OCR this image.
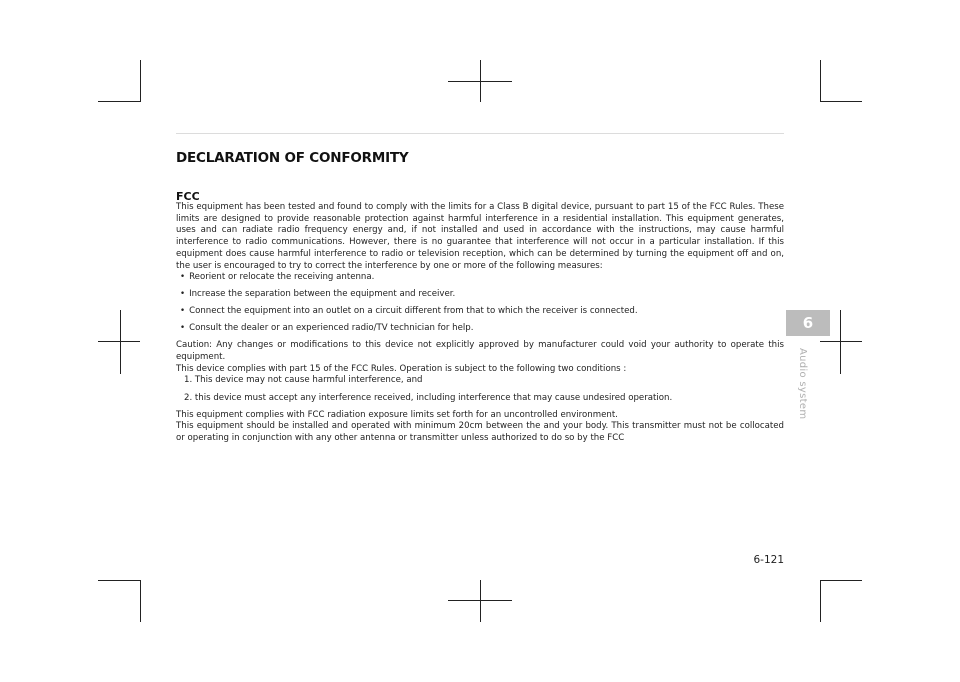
DECLARATION OF CONFORMITY
FCC

This equipment has been tested and found to comply with the limits for a Class B digital device, pursuant to part 15 of the FCC Rules. These limits are designed to provide reasonable protection against harmful interference in a residential installation. This equipment generates, uses and can radiate radio frequency energy and, if not installed and used in accordance with the instructions, may cause harmful interference to radio communications. However, there is no guarantee that interference will not occur in a particular installation. If this equipment does cause harmful interference to radio or television reception, which can be determined by turning the equipment off and on, the user is encouraged to try to correct the interference by one or more of the following measures:

• Reorient or relocate the receiving antenna.
• Increase the separation between the equipment and receiver.
• Connect the equipment into an outlet on a circuit different from that to which the receiver is connected.
• Consult the dealer or an experienced radio/TV technician for help.

Caution: Any changes or modifications to this device not explicitly approved by manufacturer could void your authority to operate this equipment.

This device complies with part 15 of the FCC Rules. Operation is subject to the following two conditions :

1. This device may not cause harmful interference, and
2. this device must accept any interference received, including interference that may cause undesired operation.

This equipment complies with FCC radiation exposure limits set forth for an uncontrolled environment.

This equipment should be installed and operated with minimum 20cm between the and your body. This transmitter must not be collocated or operating in conjunction with any other antenna or transmitter unless authorized to do so by the FCC

6
Audio system
6-121
